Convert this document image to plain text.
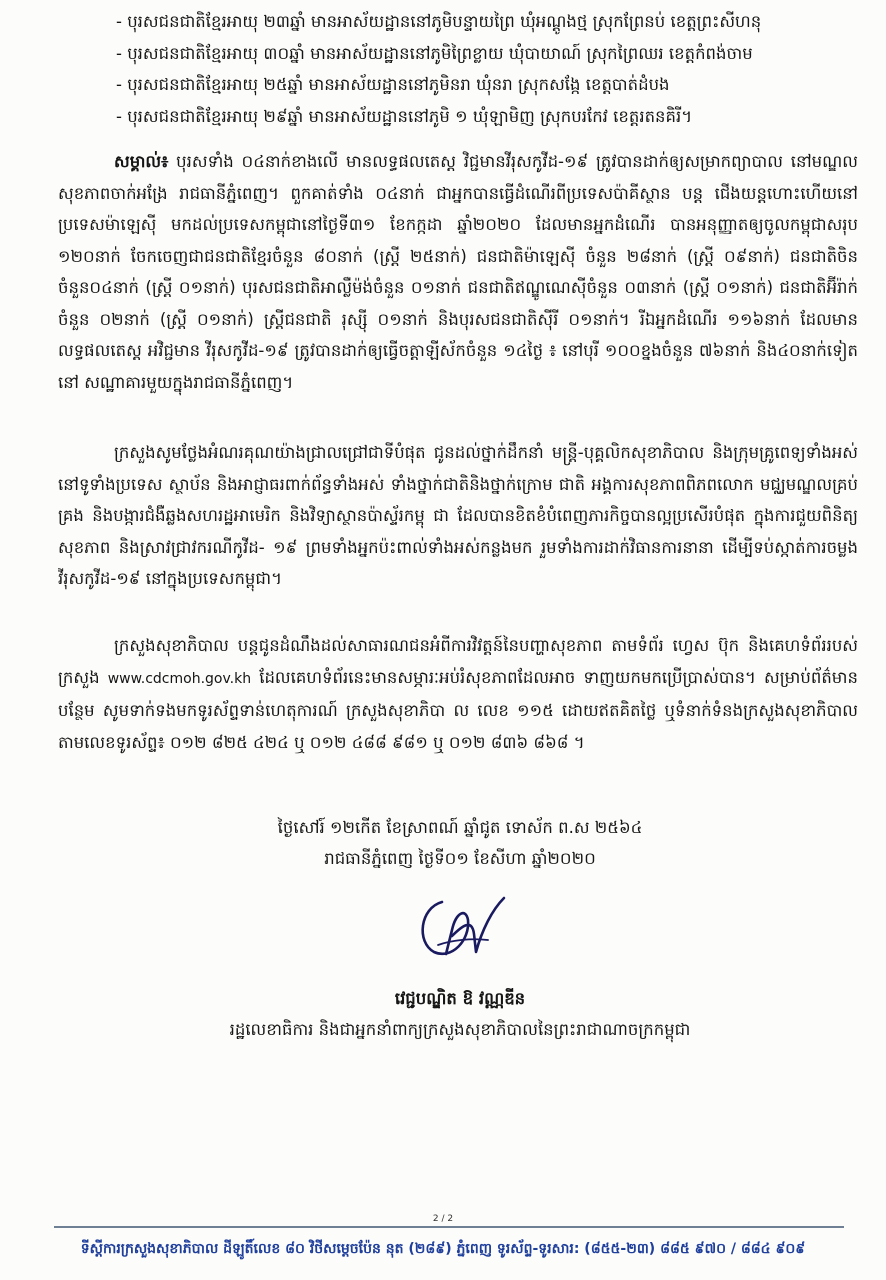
- បុរសជនជាតិខ្មែរអាយុ ២៣ឆ្នាំ មានអាស័យដ្ឋាននៅភូមិបន្ទាយព្រៃ ឃុំអណ្តូងថ្ម ស្រុកព្រែនប់ ខេត្តព្រះសីហនុ
- បុរសជនជាតិខ្មែរអាយុ ៣០ឆ្នាំ មានអាស័យដ្ឋាននៅភូមិព្រៃខ្លាយ ឃុំបាយាណ៍ ស្រុកព្រៃឈរ ខេត្តកំពង់ចាម
- បុរសជនជាតិខ្មែរអាយុ ២៥ឆ្នាំ មានអាស័យដ្ឋាននៅភូមិនរា ឃុំនរា ស្រុកសង្កែ ខេត្តបាត់ដំបង
- បុរសជនជាតិខ្មែរអាយុ ២៩ឆ្នាំ មានអាស័យដ្ឋាននៅភូមិ ១ ឃុំឡាមិញ ស្រុកបរកែវ ខេត្តរតនគិរី។
សម្គាល់៖ បុរសទាំង ០៤នាក់ខាងលើ មានលទ្ធផលតេស្ត វិជ្ជមានវីរុសកូវីដ-១៩ ត្រូវបានដាក់ឲ្យសម្រាកព្យាបាល នៅមណ្ឌលសុខភាពចាក់អង្រែ រាជធានីភ្នំពេញ។ ពួកគាត់ទាំង ០៤នាក់ ជាអ្នកបានធ្វើដំណើរពីប្រទេសប៉ាគីស្ថាន បន្ត ជើងយន្តហោះហើយនៅប្រទេសម៉ាឡេស៊ី មកដល់ប្រទេសកម្ពុជានៅថ្ងៃទី៣១ ខែកក្កដា ឆ្នាំ២០២០ ដែលមានអ្នកដំណើរ បានអនុញ្ញាតឲ្យចូលកម្ពុជាសរុប ១២០នាក់ ចែកចេញជាជនជាតិខ្មែរចំនួន ៨០នាក់ (ស្ត្រី ២៥នាក់) ជនជាតិម៉ាឡេស៊ី ចំនួន ២៨នាក់ (ស្ត្រី ០៩នាក់) ជនជាតិចិនចំនួន០៤នាក់ (ស្ត្រី ០១នាក់) បុរសជនជាតិអាល្លឺម៉ង់ចំនួន ០១នាក់ ជនជាតិឥណ្ឌូណេស៊ីចំនួន ០៣នាក់ (ស្ត្រី ០១នាក់) ជនជាតិអ៊ីរ៉ាក់ចំនួន ០២នាក់ (ស្ត្រី ០១នាក់) ស្ត្រីជនជាតិ រុស្ស៊ី ០១នាក់ និងបុរសជនជាតិស៊ីរី ០១នាក់។ រីឯអ្នកដំណើរ ១១៦នាក់ ដែលមានលទ្ធផលតេស្ត អវិជ្ជមាន វីរុសកូវីដ-១៩ ត្រូវបានដាក់ឲ្យធ្វើចត្តាឡីស័កចំនួន ១៤ថ្ងៃ ៖ នៅបុរី ១០០ខ្នងចំនួន ៧៦នាក់ និង៤០នាក់ទៀត នៅ សណ្ឋាគារមួយក្នុងរាជធានីភ្នំពេញ។
ក្រសួងសូមថ្លែងអំណរគុណយ៉ាងជ្រាលជ្រៅជាទីបំផុត ជូនដល់ថ្នាក់ដឹកនាំ មន្ត្រី-បុគ្គលិកសុខាភិបាល និងក្រុមគ្រូពេទ្យទាំងអស់នៅទូទាំងប្រទេស ស្ថាប័ន និងអាជ្ញាធរពាក់ព័ន្ធទាំងអស់ ទាំងថ្នាក់ជាតិនិងថ្នាក់ក្រោម ជាតិ អង្គការសុខភាពពិភពលោក មជ្ឈមណ្ឌលគ្រប់គ្រង និងបង្ការជំងឺឆ្លងសហរដ្ឋអាមេរិក និងវិទ្យាស្ថានប៉ាស្ទ័រកម្ពុ ជា ដែលបានខិតខំបំពេញភារកិច្ចបានល្អប្រសើរបំផុត ក្នុងការជួយពិនិត្យសុខភាព និងស្រាវជ្រាវករណីកូវីដ- ១៩ ព្រមទាំងអ្នកប៉ះពាល់ទាំងអស់កន្លងមក រួមទាំងការដាក់វិធានការនានា ដើម្បីទប់ស្កាត់ការចម្លងវីរុសកូវីដ-១៩ នៅក្នុងប្រទេសកម្ពុជា។
ក្រសួងសុខាភិបាល បន្តជូនដំណឹងដល់សាធារណជនអំពីការវិវត្តន៍នៃបញ្ហាសុខភាព តាមទំព័រ ហ្វេស ប៊ុក និងគេហទំព័ររបស់ក្រសួង www.cdcmoh.gov.kh ដែលគេហទំព័រនេះមានសម្ភារៈអប់រំសុខភាពដែលអាច ទាញយកមកប្រើប្រាស់បាន។ សម្រាប់ព័ត៌មានបន្ថែម សូមទាក់ទងមកទូរស័ព្ទទាន់ហេតុការណ៍ ក្រសួងសុខាភិបា ល លេខ ១១៥ ដោយឥតគិតថ្លៃ ឬទំនាក់ទំនងក្រសួងសុខាភិបាល តាមលេខទូរស័ព្ទ៖ ០១២ ៨២៥ ៤២៤ ឬ ០១២ ៤៨៨ ៩៨១ ឬ ០១២ ៨៣៦ ៨៦៨ ។
ថ្ងៃសៅរ៍ ១២កើត ខែស្រាពណ៍ ឆ្នាំជូត ទោស័ក ព.ស ២៥៦៤
រាជធានីភ្នំពេញ ថ្ងៃទី០១ ខែសីហា ឆ្នាំ២០២០
វេជ្ជបណ្ឌិត ឱ វណ្ណឌីន
រដ្ឋលេខាធិការ និងជាអ្នកនាំពាក្យក្រសួងសុខាភិបាលនៃព្រះរាជាណាចក្រកម្ពុជា
2 / 2
ទីស្តីការក្រសួងសុខាភិបាល ដីឡូតិ៍លេខ ៨០ វិថីសម្តេចប៉ែន នុត (២៨៩) ភ្នំពេញ ទូរស័ព្ទ-ទូរសារ: (៨៥៥-២៣) ៨៨៥ ៩៧០ / ៨៨៤ ៩០៩
